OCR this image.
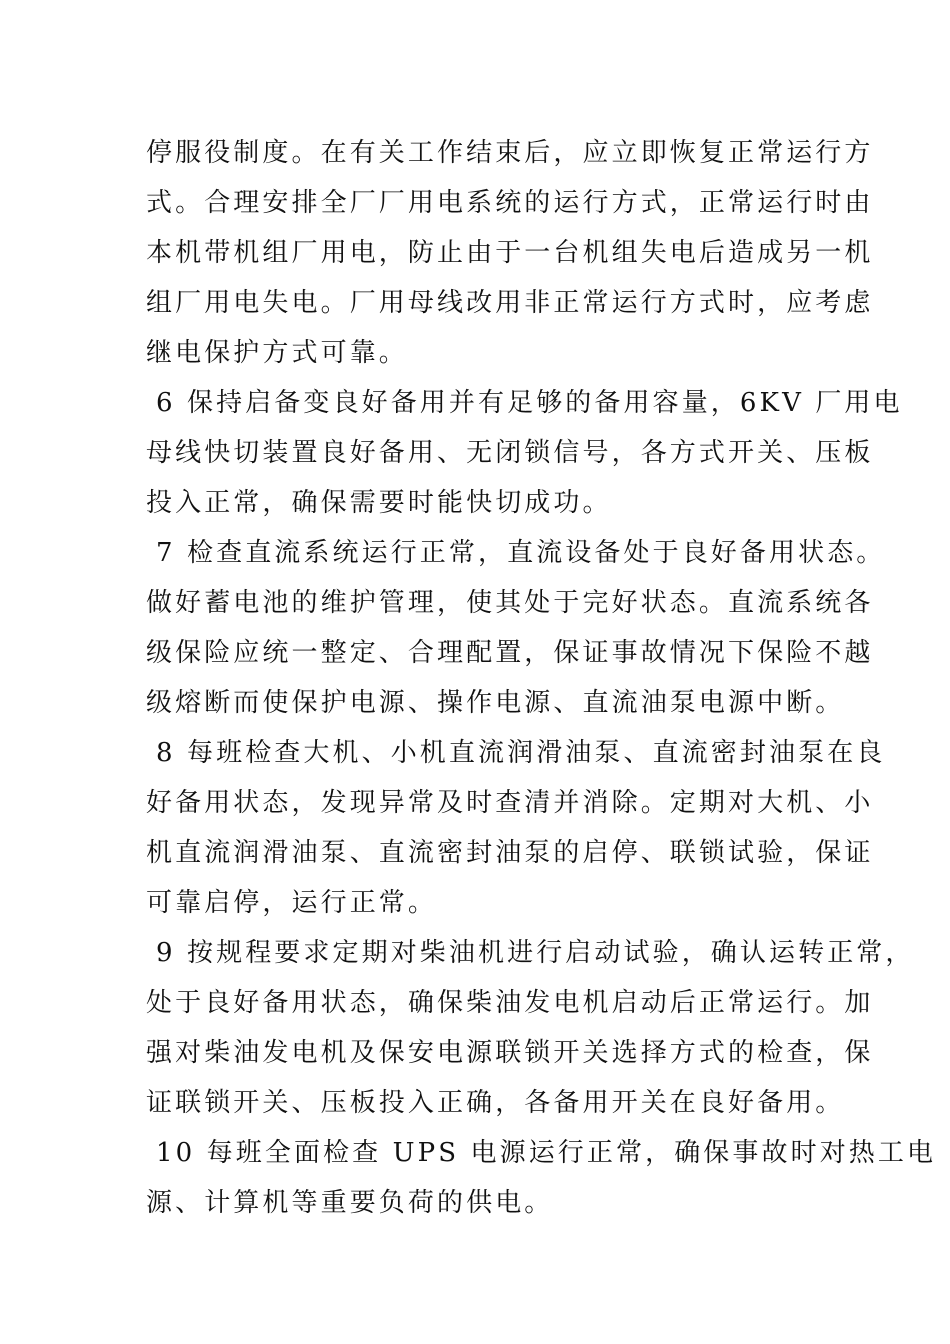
停服役制度。在有关工作结束后，应立即恢复正常运行方
式。合理安排全厂厂用电系统的运行方式，正常运行时由
本机带机组厂用电，防止由于一台机组失电后造成另一机
组厂用电失电。厂用母线改用非正常运行方式时，应考虑
继电保护方式可靠。
6 保持启备变良好备用并有足够的备用容量，6KV 厂用电
母线快切装置良好备用、无闭锁信号，各方式开关、压板
投入正常，确保需要时能快切成功。
7 检查直流系统运行正常，直流设备处于良好备用状态。
做好蓄电池的维护管理，使其处于完好状态。直流系统各
级保险应统一整定、合理配置，保证事故情况下保险不越
级熔断而使保护电源、操作电源、直流油泵电源中断。
8 每班检查大机、小机直流润滑油泵、直流密封油泵在良
好备用状态，发现异常及时查清并消除。定期对大机、小
机直流润滑油泵、直流密封油泵的启停、联锁试验，保证
可靠启停，运行正常。
9 按规程要求定期对柴油机进行启动试验，确认运转正常，
处于良好备用状态，确保柴油发电机启动后正常运行。加
强对柴油发电机及保安电源联锁开关选择方式的检查，保
证联锁开关、压板投入正确，各备用开关在良好备用。
10 每班全面检查 UPS 电源运行正常，确保事故时对热工电
源、计算机等重要负荷的供电。
